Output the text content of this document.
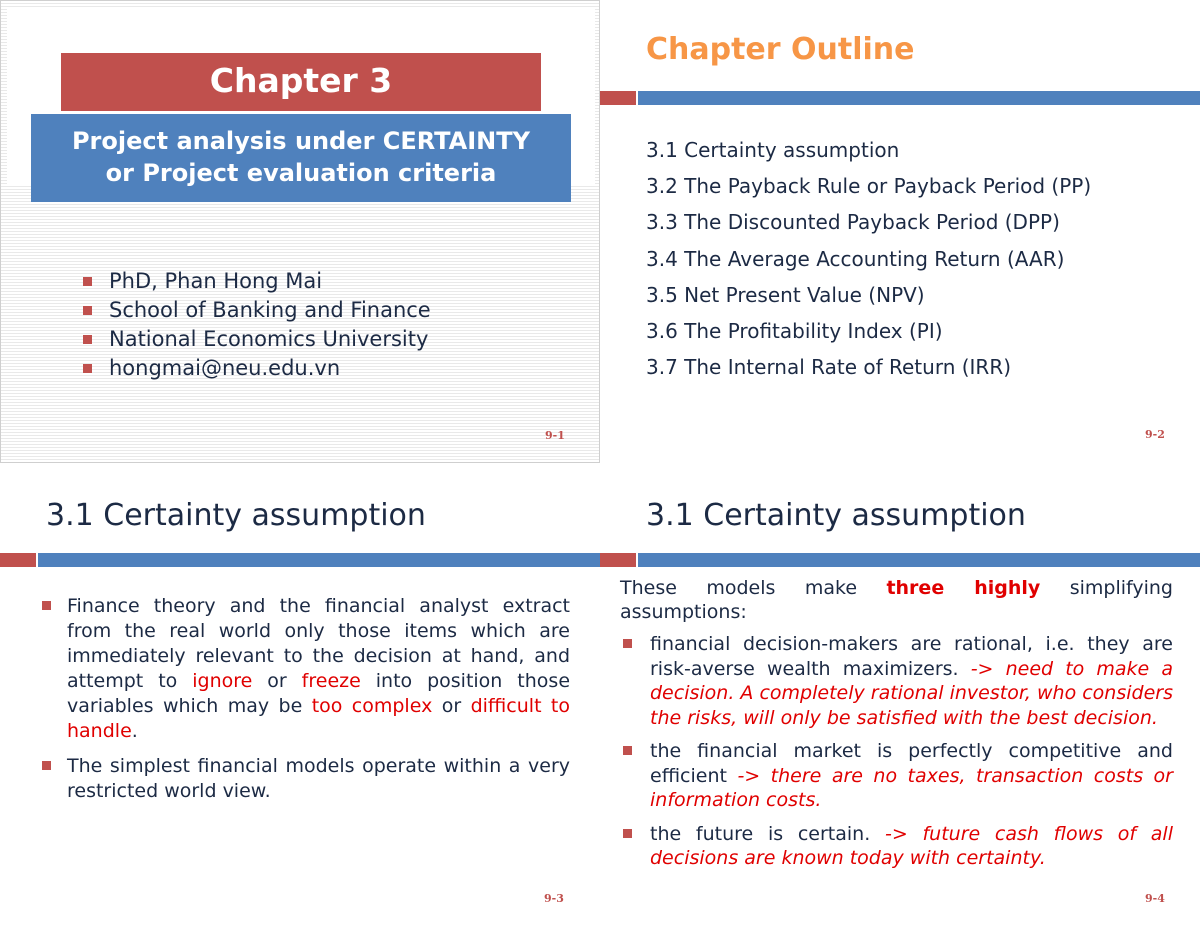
Chapter 3
Project analysis under CERTAINTY
or Project evaluation criteria
PhD, Phan Hong Mai
School of Banking and Finance
National Economics University
hongmai@neu.edu.vn
9-1
Chapter Outline
3.1 Certainty assumption
3.2 The Payback Rule or Payback Period (PP)
3.3 The Discounted Payback Period (DPP)
3.4 The Average Accounting Return (AAR)
3.5 Net Present Value (NPV)
3.6 The Profitability Index (PI)
3.7 The Internal Rate of Return (IRR)
9-2
3.1 Certainty assumption
Finance theory and the financial analyst extract from the real world only those items which are immediately relevant to the decision at hand, and attempt to ignore or freeze into position those variables which may be too complex or difficult to handle.
The simplest financial models operate within a very restricted world view.
9-3
3.1 Certainty assumption
These models make three highly simplifying assumptions:
financial decision-makers are rational, i.e. they are risk-averse wealth maximizers. -> need to make a decision. A completely rational investor, who considers the risks, will only be satisfied with the best decision.
the financial market is perfectly competitive and efficient -> there are no taxes, transaction costs or information costs.
the future is certain. -> future cash flows of all decisions are known today with certainty.
9-4
